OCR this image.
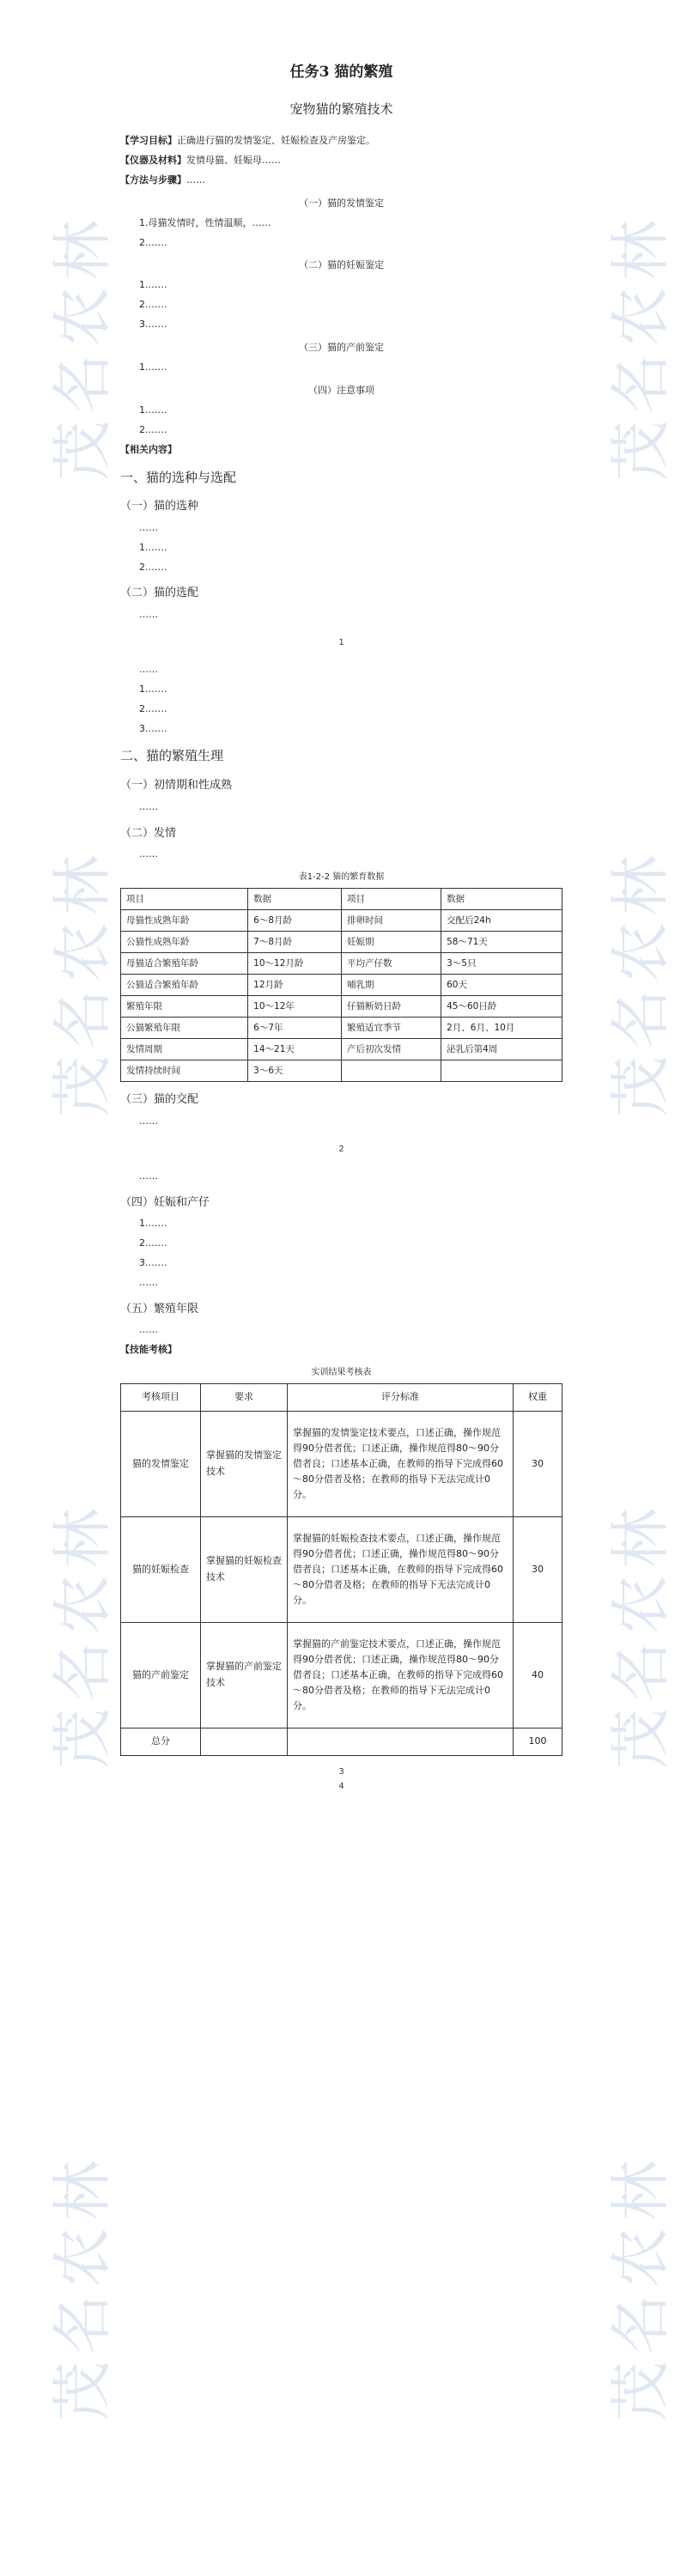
茂名农林
茂名农林
茂名农林
茂名农林
茂名农林
茂名农林
茂名农林
茂名农林
任务3 猫的繁殖
宠物猫的繁殖技术

【学习目标】正确进行猫的发情鉴定、妊娠检查及产房鉴定。

【仪器及材料】发情母猫、妊娠母……

【方法与步骤】……

（一）猫的发情鉴定

1.母猫发情时，性情温顺，……

2.……

（二）猫的妊娠鉴定

1.……

2.……

3.……

（三）猫的产前鉴定

1.……

（四）注意事项

1.……

2.……

【相关内容】

一、猫的选种与选配
（一）猫的选种

……

1.……

2.……

（二）猫的选配

……

1

……

1.……

2.……

3.……

二、猫的繁殖生理
（一）初情期和性成熟

……

（二）发情

……

表1-2-2 猫的繁育数据
项目	数据	项目	数据
母猫性成熟年龄	6～8月龄	排卵时间	交配后24h
公猫性成熟年龄	7～8月龄	妊娠期	58～71天
母猫适合繁殖年龄	10～12月龄	平均产仔数	3～5只
公猫适合繁殖年龄	12月龄	哺乳期	60天
繁殖年限	10～12年	仔猫断奶日龄	45～60日龄
公猫繁殖年限	6～7年	繁殖适宜季节	2月、6月、10月
发情周期	14～21天	产后初次发情	泌乳后第4周
发情持续时间	3～6天		
（三）猫的交配

……

2

……

（四）妊娠和产仔

1.……

2.……

3.……

……

（五）繁殖年限

……

【技能考核】

实训结果考核表
考核项目	要求	评分标准	权重
猫的发情鉴定	掌握猫的发情鉴定技术	掌握猫的发情鉴定技术要点，口述正确，操作规范得90分借者优；口述正确，操作规范得80～90分借者良；口述基本正确，在教师的指导下完成得60～80分借者及格；在教师的指导下无法完成计0分。	30
猫的妊娠检查	掌握猫的妊娠检查技术	掌握猫的妊娠检查技术要点，口述正确，操作规范得90分借者优；口述正确，操作规范得80～90分借者良；口述基本正确，在教师的指导下完成得60～80分借者及格；在教师的指导下无法完成计0分。	30
猫的产前鉴定	掌握猫的产前鉴定技术	掌握猫的产前鉴定技术要点，口述正确，操作规范得90分借者优；口述正确，操作规范得80～90分借者良；口述基本正确，在教师的指导下完成得60～80分借者及格；在教师的指导下无法完成计0分。	40
总分			100
3
4
